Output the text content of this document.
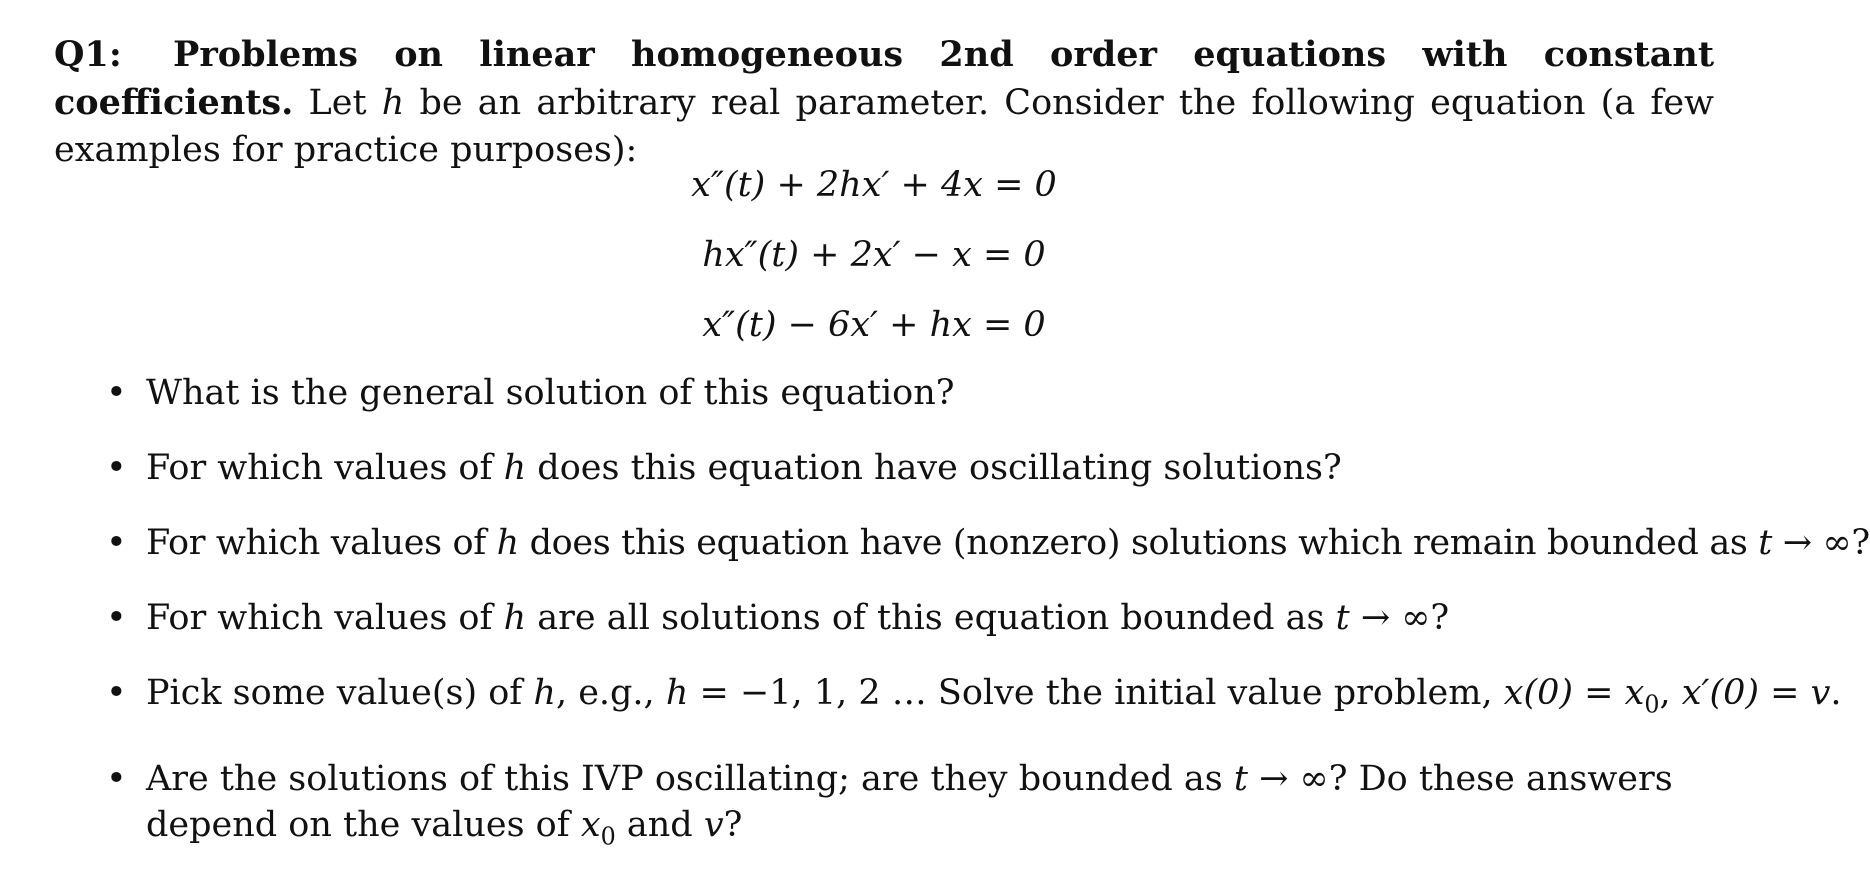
Q1: Problems on linear homogeneous 2nd order equations with constant coefficients. Let h be an arbitrary real parameter. Consider the following equation (a few examples for practice purposes):

x″(t) + 2hx′ + 4x = 0
hx″(t) + 2x′ − x = 0
x″(t) − 6x′ + hx = 0
• What is the general solution of this equation?
• For which values of h does this equation have oscillating solutions?
• For which values of h does this equation have (nonzero) solutions which remain bounded as t → ∞?
• For which values of h are all solutions of this equation bounded as t → ∞?
• Pick some value(s) of h, e.g., h = −1, 1, 2 … Solve the initial value problem, $x(0) = x_0$, x′(0) = v.
• Are the solutions of this IVP oscillating; are they bounded as t → ∞? Do these answers depend on the values of $x_0$ and v?
